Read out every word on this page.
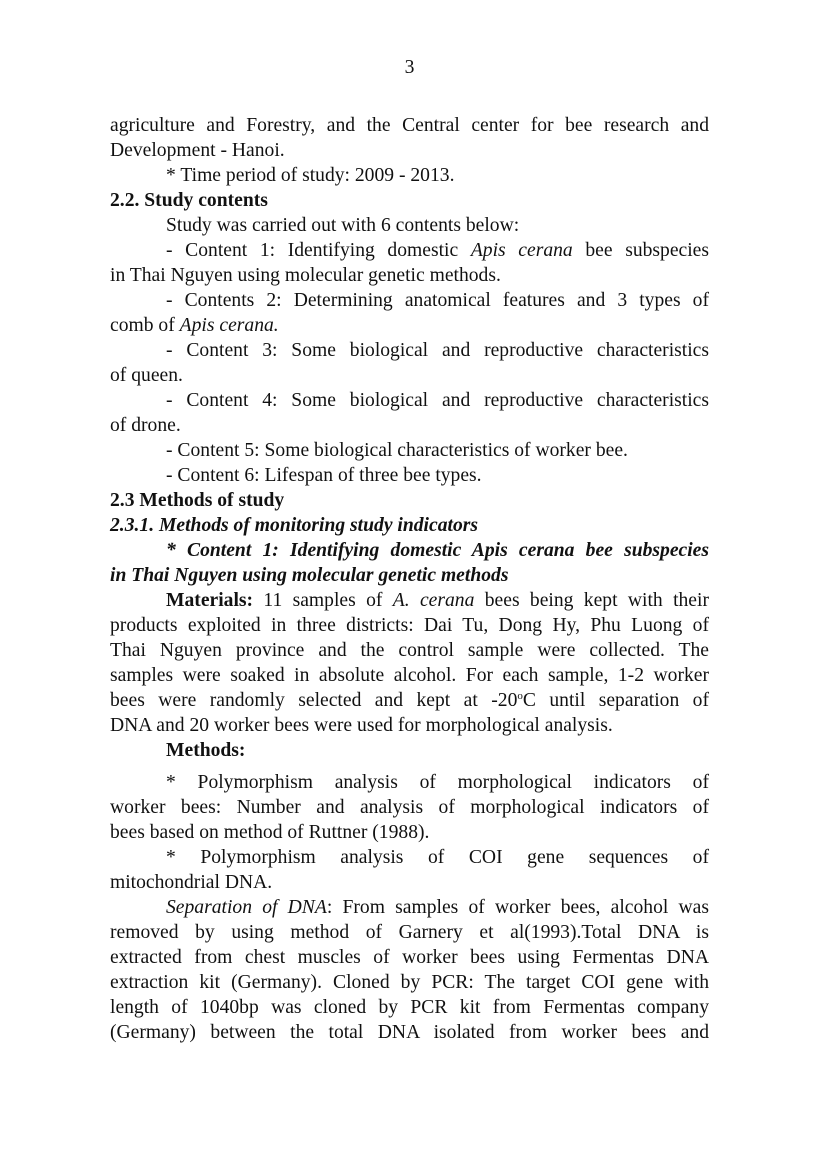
3
agriculture and Forestry, and the Central center for bee research and
Development - Hanoi.
* Time period of study: 2009 - 2013.
2.2. Study contents
Study was carried out with 6 contents below:
- Content 1: Identifying domestic Apis cerana bee subspecies
in Thai Nguyen using molecular genetic methods.
- Contents 2: Determining anatomical features and 3 types of
comb of Apis cerana.
- Content 3: Some biological and reproductive characteristics
of queen.
- Content 4: Some biological and reproductive characteristics
of drone.
- Content 5: Some biological characteristics of worker bee.
- Content 6: Lifespan of three bee types.
2.3 Methods of study
2.3.1. Methods of monitoring study indicators
* Content 1: Identifying domestic Apis cerana bee subspecies
in Thai Nguyen using molecular genetic methods
Materials: 11 samples of A. cerana bees being kept with their
products exploited in three districts: Dai Tu, Dong Hy, Phu Luong of
Thai Nguyen province and the control sample were collected. The
samples were soaked in absolute alcohol. For each sample, 1-2 worker
bees were randomly selected and kept at -20$^o$C until separation of
DNA and 20 worker bees were used for morphological analysis.
Methods:
* Polymorphism analysis of morphological indicators of
worker bees: Number and analysis of morphological indicators of
bees based on method of Ruttner (1988).
* Polymorphism analysis of COI gene sequences of
mitochondrial DNA.
Separation of DNA: From samples of worker bees, alcohol was
removed by using method of Garnery et al(1993).Total DNA is
extracted from chest muscles of worker bees using Fermentas DNA
extraction kit (Germany). Cloned by PCR: The target COI gene with
length of 1040bp was cloned by PCR kit from Fermentas company
(Germany) between the total DNA isolated from worker bees and
